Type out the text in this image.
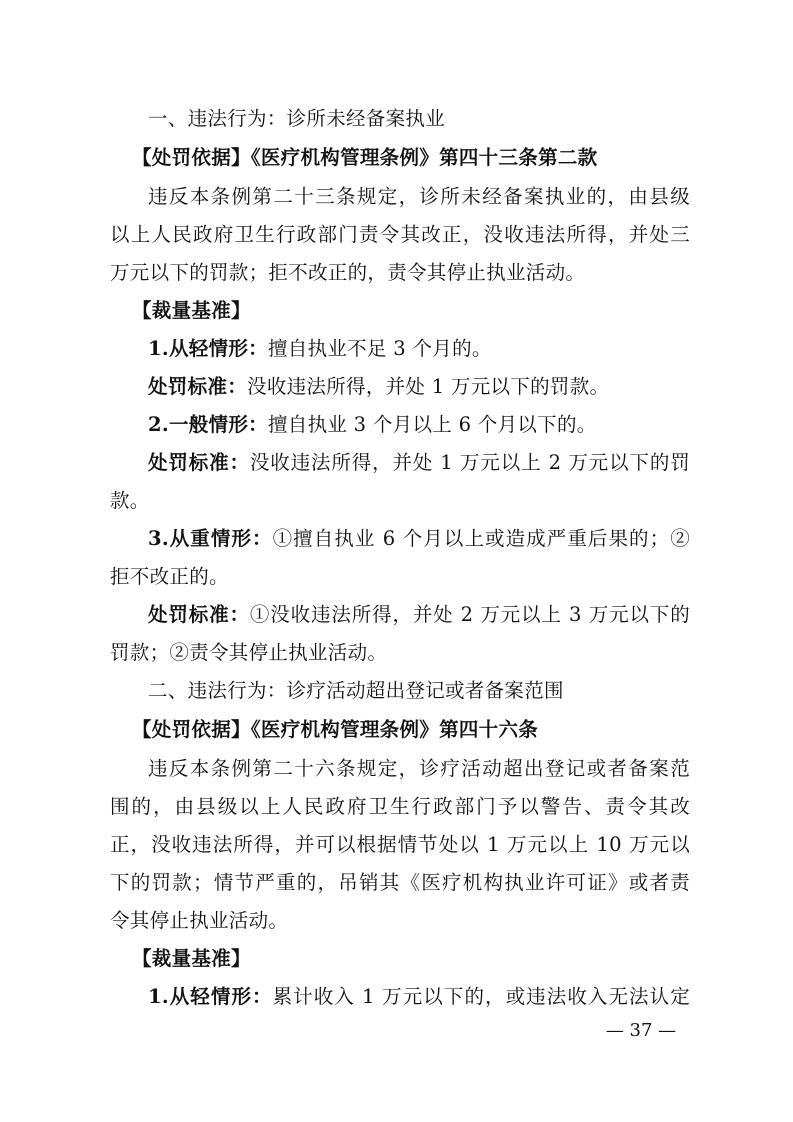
一、违法行为：诊所未经备案执业
【处罚依据】《医疗机构管理条例》第四十三条第二款
违反本条例第二十三条规定，诊所未经备案执业的，由县级
以上人民政府卫生行政部门责令其改正，没收违法所得，并处三
万元以下的罚款；拒不改正的，责令其停止执业活动。
【裁量基准】
1.从轻情形：擅自执业不足 3 个月的。
处罚标准：没收违法所得，并处 1 万元以下的罚款。
2.一般情形：擅自执业 3 个月以上 6 个月以下的。
处罚标准：没收违法所得，并处 1 万元以上 2 万元以下的罚
款。
3.从重情形：①擅自执业 6 个月以上或造成严重后果的；②
拒不改正的。
处罚标准：①没收违法所得，并处 2 万元以上 3 万元以下的
罚款；②责令其停止执业活动。
二、违法行为：诊疗活动超出登记或者备案范围
【处罚依据】《医疗机构管理条例》第四十六条
违反本条例第二十六条规定，诊疗活动超出登记或者备案范
围的，由县级以上人民政府卫生行政部门予以警告、责令其改
正，没收违法所得，并可以根据情节处以 1 万元以上 10 万元以
下的罚款；情节严重的，吊销其《医疗机构执业许可证》或者责
令其停止执业活动。
【裁量基准】
1.从轻情形：累计收入 1 万元以下的，或违法收入无法认定
— 37 —
